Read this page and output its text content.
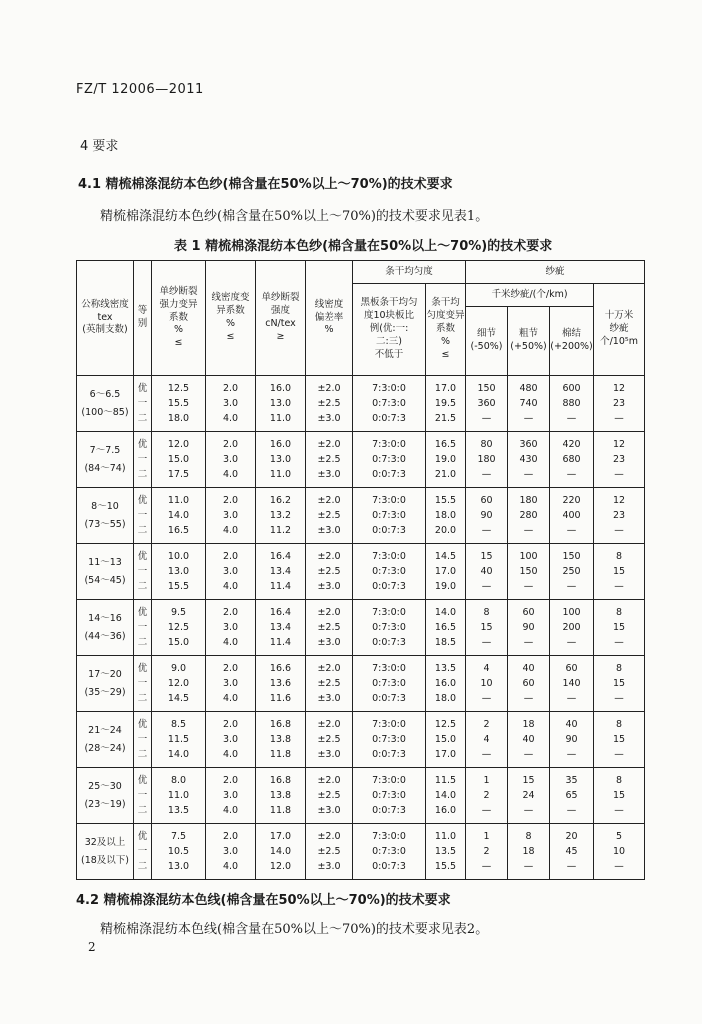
FZ/T 12006—2011
4 要求
4.1 精梳棉涤混纺本色纱(棉含量在50%以上～70%)的技术要求
精梳棉涤混纺本色纱(棉含量在50%以上～70%)的技术要求见表1。
表 1 精梳棉涤混纺本色纱(棉含量在50%以上～70%)的技术要求
公称线密度
tex
(英制支数)	等
别	单纱断裂
强力变异
系数
%
≤	线密度变
异系数
%
≤	单纱断裂
强度
cN/tex
≥	线密度
偏差率
%	条干均匀度		纱疵			

						黑板条干均匀
度10块板比
例(优:一:
二:三)
不低于	条干均
匀度变异
系数
%
≤	千米纱疵/(个/km)			十万米
纱疵
个/10⁵m

								细节
(-50%)	粗节
(+50%)	棉结
(+200%)	

6～6.5
(100～85)	优
一
二	12.5
15.5
18.0	2.0
3.0
4.0	16.0
13.0
11.0	±2.0
±2.5
±3.0	7:3:0:0
0:7:3:0
0:0:7:3	17.0
19.5
21.5	150
360
—	480
740
—	600
880
—	12
23
—

7～7.5
(84～74)	优
一
二	12.0
15.0
17.5	2.0
3.0
4.0	16.0
13.0
11.0	±2.0
±2.5
±3.0	7:3:0:0
0:7:3:0
0:0:7:3	16.5
19.0
21.0	80
180
—	360
430
—	420
680
—	12
23
—

8～10
(73～55)	优
一
二	11.0
14.0
16.5	2.0
3.0
4.0	16.2
13.2
11.2	±2.0
±2.5
±3.0	7:3:0:0
0:7:3:0
0:0:7:3	15.5
18.0
20.0	60
90
—	180
280
—	220
400
—	12
23
—

11～13
(54～45)	优
一
二	10.0
13.0
15.5	2.0
3.0
4.0	16.4
13.4
11.4	±2.0
±2.5
±3.0	7:3:0:0
0:7:3:0
0:0:7:3	14.5
17.0
19.0	15
40
—	100
150
—	150
250
—	8
15
—

14～16
(44～36)	优
一
二	9.5
12.5
15.0	2.0
3.0
4.0	16.4
13.4
11.4	±2.0
±2.5
±3.0	7:3:0:0
0:7:3:0
0:0:7:3	14.0
16.5
18.5	8
15
—	60
90
—	100
200
—	8
15
—

17～20
(35～29)	优
一
二	9.0
12.0
14.5	2.0
3.0
4.0	16.6
13.6
11.6	±2.0
±2.5
±3.0	7:3:0:0
0:7:3:0
0:0:7:3	13.5
16.0
18.0	4
10
—	40
60
—	60
140
—	8
15
—

21～24
(28～24)	优
一
二	8.5
11.5
14.0	2.0
3.0
4.0	16.8
13.8
11.8	±2.0
±2.5
±3.0	7:3:0:0
0:7:3:0
0:0:7:3	12.5
15.0
17.0	2
4
—	18
40
—	40
90
—	8
15
—

25～30
(23～19)	优
一
二	8.0
11.0
13.5	2.0
3.0
4.0	16.8
13.8
11.8	±2.0
±2.5
±3.0	7:3:0:0
0:7:3:0
0:0:7:3	11.5
14.0
16.0	1
2
—	15
24
—	35
65
—	8
15
—

32及以上
(18及以下)	优
一
二	7.5
10.5
13.0	2.0
3.0
4.0	17.0
14.0
12.0	±2.0
±2.5
±3.0	7:3:0:0
0:7:3:0
0:0:7:3	11.0
13.5
15.5	1
2
—	8
18
—	20
45
—	5
10
—
4.2 精梳棉涤混纺本色线(棉含量在50%以上～70%)的技术要求
精梳棉涤混纺本色线(棉含量在50%以上～70%)的技术要求见表2。
2
